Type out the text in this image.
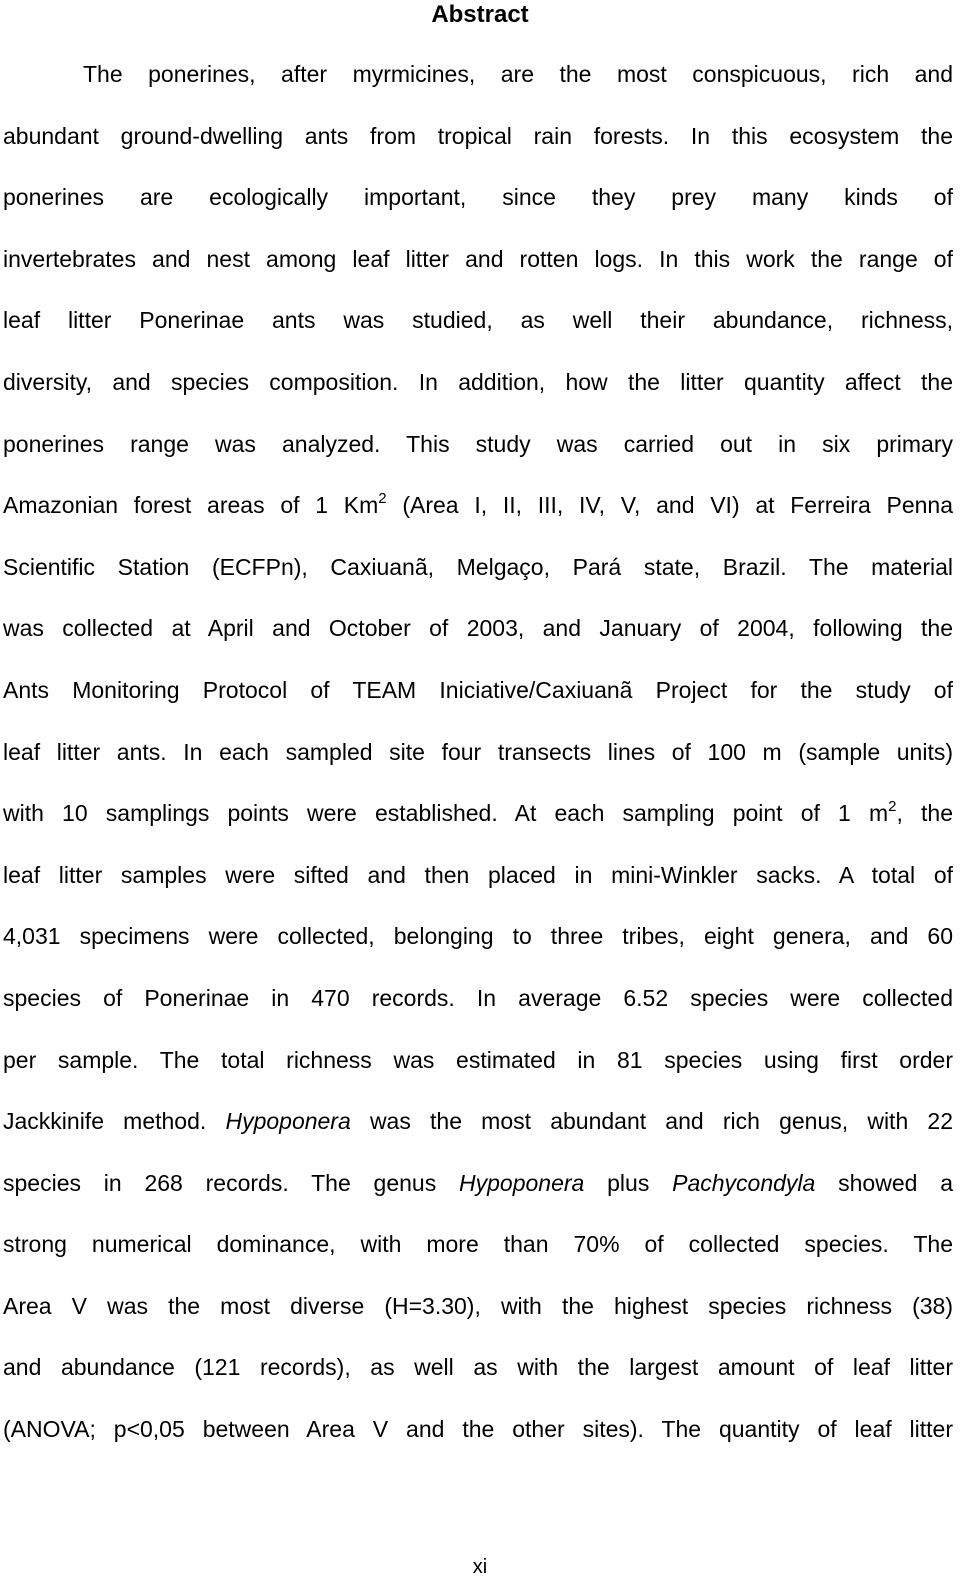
Abstract
The ponerines, after myrmicines, are the most conspicuous, rich and
abundant ground-dwelling ants from tropical rain forests. In this ecosystem the
ponerines are ecologically important, since they prey many kinds of
invertebrates and nest among leaf litter and rotten logs. In this work the range of
leaf litter Ponerinae ants was studied, as well their abundance, richness,
diversity, and species composition. In addition, how the litter quantity affect the
ponerines range was analyzed. This study was carried out in six primary
Amazonian forest areas of 1 Km$^2$ (Area I, II, III, IV, V, and VI) at Ferreira Penna
Scientific Station (ECFPn), Caxiuanã, Melgaço, Pará state, Brazil. The material
was collected at April and October of 2003, and January of 2004, following the
Ants Monitoring Protocol of TEAM Iniciative/Caxiuanã Project for the study of
leaf litter ants. In each sampled site four transects lines of 100 m (sample units)
with 10 samplings points were established. At each sampling point of 1 $m^2$, the
leaf litter samples were sifted and then placed in mini-Winkler sacks. A total of
4,031 specimens were collected, belonging to three tribes, eight genera, and 60
species of Ponerinae in 470 records. In average 6.52 species were collected
per sample. The total richness was estimated in 81 species using first order
Jackkinife method. Hypoponera was the most abundant and rich genus, with 22
species in 268 records. The genus Hypoponera plus Pachycondyla showed a
strong numerical dominance, with more than 70% of collected species. The
Area V was the most diverse (H=3.30), with the highest species richness (38)
and abundance (121 records), as well as with the largest amount of leaf litter
(ANOVA; p<0,05 between Area V and the other sites). The quantity of leaf litter
xi
